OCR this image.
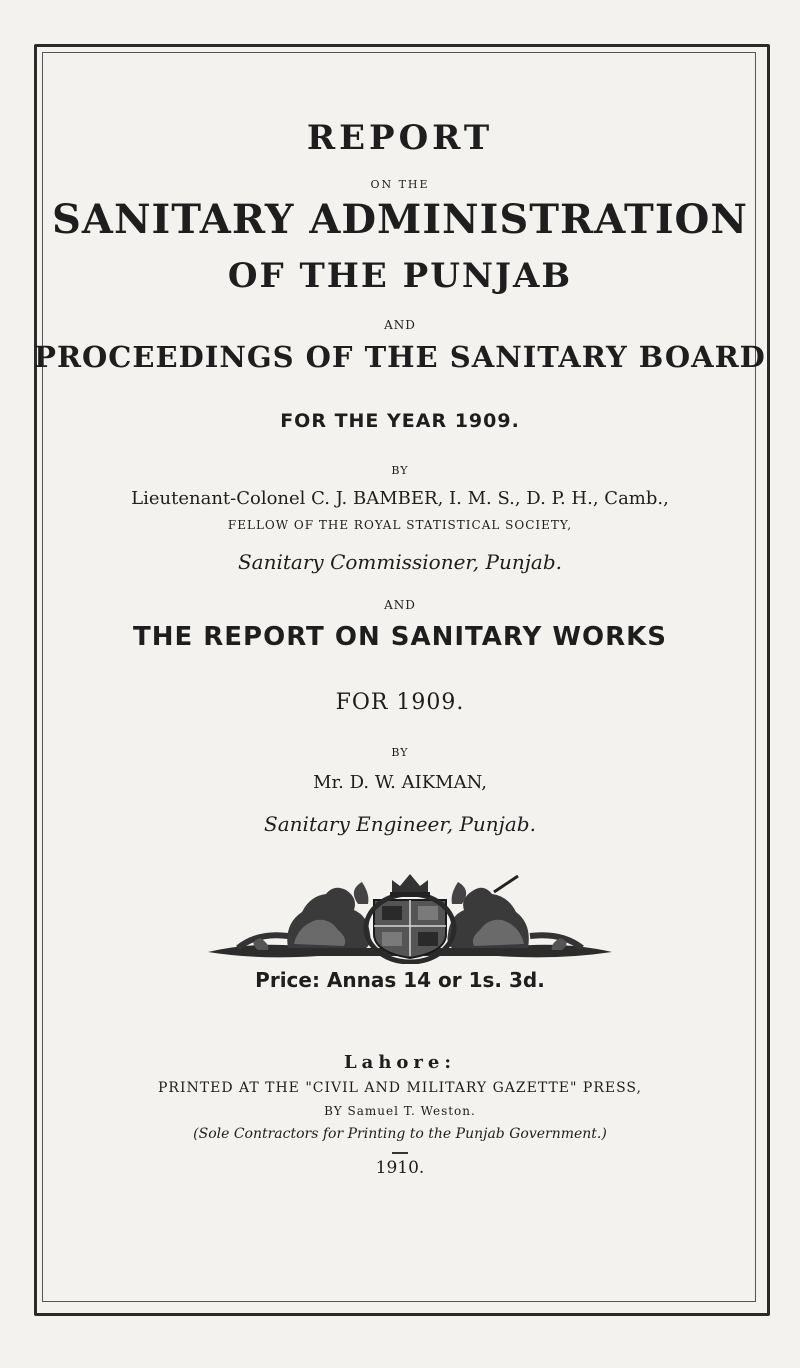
REPORT
ON THE
SANITARY ADMINISTRATION
OF THE PUNJAB
AND
PROCEEDINGS OF THE SANITARY BOARD
FOR THE YEAR 1909.
BY
Lieutenant-Colonel C. J. BAMBER, I. M. S., D. P. H., Camb.,
FELLOW OF THE ROYAL STATISTICAL SOCIETY,
Sanitary Commissioner, Punjab.
AND
THE REPORT ON SANITARY WORKS
FOR 1909.
BY
Mr. D. W. AIKMAN,
Sanitary Engineer, Punjab.
Price: Annas 14 or 1s. 3d.
Lahore:
PRINTED AT THE "CIVIL AND MILITARY GAZETTE" PRESS,
BY Samuel T. Weston.
(Sole Contractors for Printing to the Punjab Government.)
1910.
